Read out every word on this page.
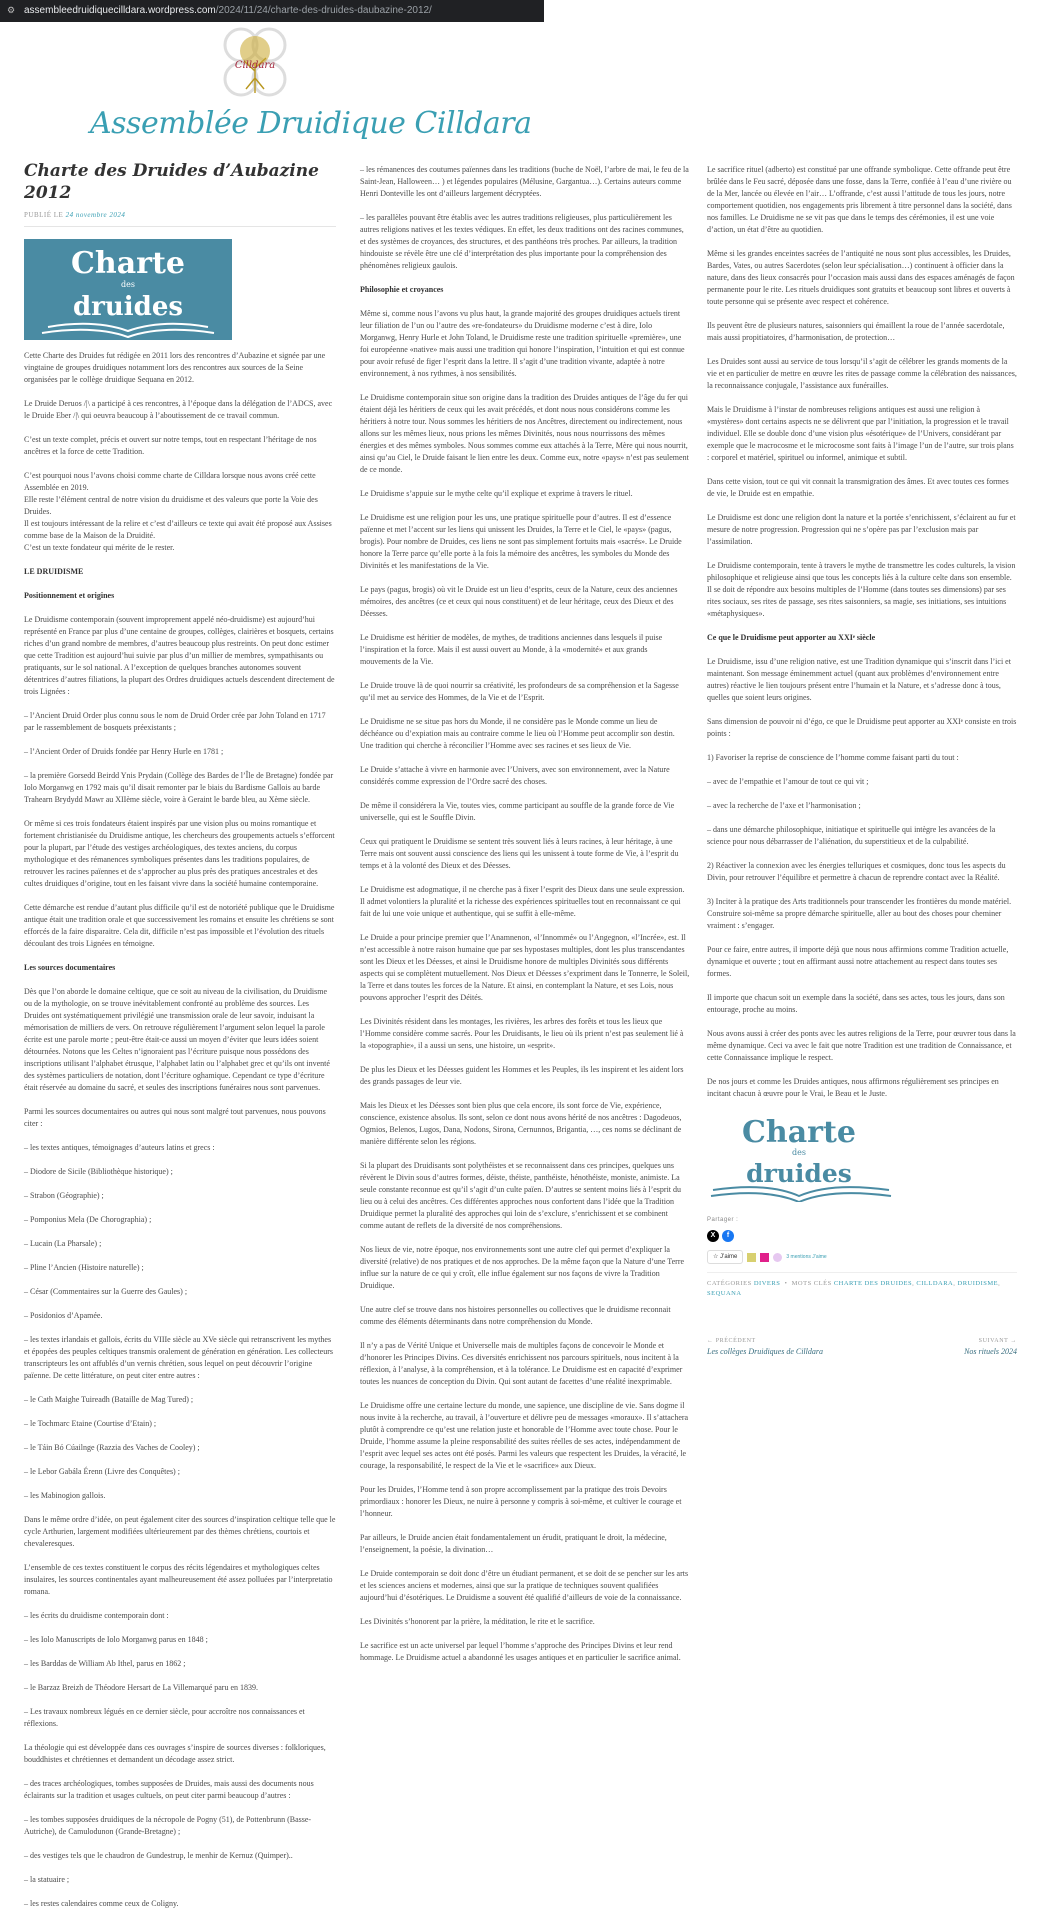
⚙ assembleedruidiquecilldara.wordpress.com/2024/11/24/charte-des-druides-daubazine-2012/
Cilldara
Assemblée Druidique Cilldara
Charte des Druides d’Aubazine 2012
PUBLIÉ LE 24 novembre 2024
Charte
des
druides

Cette Charte des Druides fut rédigée en 2011 lors des rencontres d’Aubazine et signée par une vingtaine de groupes druidiques notamment lors des rencontres aux sources de la Seine organisées par le collège druidique Sequana en 2012.

Le Druide Deruos /|\ a participé à ces rencontres, à l’époque dans la délégation de l’ADCS, avec le Druide Eber /|\ qui oeuvra beaucoup à l’aboutissement de ce travail commun.

C’est un texte complet, précis et ouvert sur notre temps, tout en respectant l’héritage de nos ancêtres et la force de cette Tradition.

C’est pourquoi nous l’avons choisi comme charte de Cilldara lorsque nous avons créé cette Assemblée en 2019.
Elle reste l’élément central de notre vision du druidisme et des valeurs que porte la Voie des Druides.
Il est toujours intéressant de la relire et c’est d’ailleurs ce texte qui avait été proposé aux Assises comme base de la Maison de la Druidité.
C’est un texte fondateur qui mérite de le rester.

LE DRUIDISME

Positionnement et origines

Le Druidisme contemporain (souvent improprement appelé néo-druidisme) est aujourd’hui représenté en France par plus d’une centaine de groupes, collèges, clairières et bosquets, certains riches d’un grand nombre de membres, d’autres beaucoup plus restreints. On peut donc estimer que cette Tradition est aujourd’hui suivie par plus d’un millier de membres, sympathisants ou pratiquants, sur le sol national. A l’exception de quelques branches autonomes souvent détentrices d’autres filiations, la plupart des Ordres druidiques actuels descendent directement de trois Lignées :

– l’Ancient Druid Order plus connu sous le nom de Druid Order crée par John Toland en 1717 par le rassemblement de bosquets préexistants ;

– l’Ancient Order of Druids fondée par Henry Hurle en 1781 ;

– la première Gorsedd Beirdd Ynis Prydain (Collège des Bardes de l’Île de Bretagne) fondée par Iolo Morganwg en 1792 mais qu’il disait remonter par le biais du Bardisme Gallois au barde Trahearn Brydydd Mawr au XIIème siècle, voire à Geraint le barde bleu, au Xème siècle.

Or même si ces trois fondateurs étaient inspirés par une vision plus ou moins romantique et fortement christianisée du Druidisme antique, les chercheurs des groupements actuels s’efforcent pour la plupart, par l’étude des vestiges archéologiques, des textes anciens, du corpus mythologique et des rémanences symboliques présentes dans les traditions populaires, de retrouver les racines païennes et de s’approcher au plus près des pratiques ancestrales et des cultes druidiques d’origine, tout en les faisant vivre dans la société humaine contemporaine.

Cette démarche est rendue d’autant plus difficile qu’il est de notoriété publique que le Druidisme antique était une tradition orale et que successivement les romains et ensuite les chrétiens se sont efforcés de la faire disparaitre. Cela dit, difficile n’est pas impossible et l’évolution des rituels découlant des trois Lignées en témoigne.

Les sources documentaires

Dès que l’on aborde le domaine celtique, que ce soit au niveau de la civilisation, du Druidisme ou de la mythologie, on se trouve inévitablement confronté au problème des sources. Les Druides ont systématiquement privilégié une transmission orale de leur savoir, induisant la mémorisation de milliers de vers. On retrouve régulièrement l’argument selon lequel la parole écrite est une parole morte ; peut-être était-ce aussi un moyen d’éviter que leurs idées soient détournées. Notons que les Celtes n’ignoraient pas l’écriture puisque nous possédons des inscriptions utilisant l’alphabet étrusque, l’alphabet latin ou l’alphabet grec et qu’ils ont inventé des systèmes particuliers de notation, dont l’écriture oghamique. Cependant ce type d’écriture était réservée au domaine du sacré, et seules des inscriptions funéraires nous sont parvenues.

Parmi les sources documentaires ou autres qui nous sont malgré tout parvenues, nous pouvons citer :

– les textes antiques, témoignages d’auteurs latins et grecs :

– Diodore de Sicile (Bibliothèque historique) ;

– Strabon (Géographie) ;

– Pomponius Mela (De Chorographia) ;

– Lucain (La Pharsale) ;

– Pline l’Ancien (Histoire naturelle) ;

– César (Commentaires sur la Guerre des Gaules) ;

– Posidonios d’Apamée.

– les textes irlandais et gallois, écrits du VIIIe siècle au XVe siècle qui retranscrivent les mythes et épopées des peuples celtiques transmis oralement de génération en génération. Les collecteurs transcripteurs les ont affublés d’un vernis chrétien, sous lequel on peut découvrir l’origine païenne. De cette littérature, on peut citer entre autres :

– le Cath Maighe Tuireadh (Bataille de Mag Tured) ;

– le Tochmarc Etaine (Courtise d’Etain) ;

– le Táin Bó Cúailnge (Razzia des Vaches de Cooley) ;

– le Lebor Gabála Érenn (Livre des Conquêtes) ;

– les Mabinogion gallois.

Dans le même ordre d’idée, on peut également citer des sources d’inspiration celtique telle que le cycle Arthurien, largement modifiées ultérieurement par des thèmes chrétiens, courtois et chevaleresques.

L’ensemble de ces textes constituent le corpus des récits légendaires et mythologiques celtes insulaires, les sources continentales ayant malheureusement été assez polluées par l’interpretatio romana.

– les écrits du druidisme contemporain dont :

– les Iolo Manuscripts de Iolo Morganwg parus en 1848 ;

– les Barddas de William Ab Ithel, parus en 1862 ;

– le Barzaz Breizh de Théodore Hersart de La Villemarqué paru en 1839.

– Les travaux nombreux légués en ce dernier siècle, pour accroître nos connaissances et réflexions.

La théologie qui est développée dans ces ouvrages s’inspire de sources diverses : folkloriques, bouddhistes et chrétiennes et demandent un décodage assez strict.

– des traces archéologiques, tombes supposées de Druides, mais aussi des documents nous éclairants sur la tradition et usages cultuels, on peut citer parmi beaucoup d’autres :

– les tombes supposées druidiques de la nécropole de Pogny (51), de Pottenbrunn (Basse-Autriche), de Camulodunon (Grande-Bretagne) ;

– des vestiges tels que le chaudron de Gundestrup, le menhir de Kernuz (Quimper)..

– la statuaire ;

– les restes calendaires comme ceux de Coligny.

– les rémanences des coutumes païennes dans les traditions (buche de Noël, l’arbre de mai, le feu de la Saint-Jean, Halloween… ) et légendes populaires (Mélusine, Gargantua…). Certains auteurs comme Henri Donteville les ont d’ailleurs largement décryptées.

– les parallèles pouvant être établis avec les autres traditions religieuses, plus particulièrement les autres religions natives et les textes védiques. En effet, les deux traditions ont des racines communes, et des systèmes de croyances, des structures, et des panthéons très proches. Par ailleurs, la tradition hindouiste se révèle être une clé d’interprétation des plus importante pour la compréhension des phénomènes religieux gaulois.

Philosophie et croyances

Même si, comme nous l’avons vu plus haut, la grande majorité des groupes druidiques actuels tirent leur filiation de l’un ou l’autre des «re-fondateurs» du Druidisme moderne c’est à dire, Iolo Morganwg, Henry Hurle et John Toland, le Druidisme reste une tradition spirituelle «première», une foi européenne «native» mais aussi une tradition qui honore l’inspiration, l’intuition et qui est connue pour avoir refusé de figer l’esprit dans la lettre. Il s’agit d’une tradition vivante, adaptée à notre environnement, à nos rythmes, à nos sensibilités.

Le Druidisme contemporain situe son origine dans la tradition des Druides antiques de l’âge du fer qui étaient déjà les héritiers de ceux qui les avait précédés, et dont nous nous considérons comme les héritiers à notre tour. Nous sommes les héritiers de nos Ancêtres, directement ou indirectement, nous allons sur les mêmes lieux, nous prions les mêmes Divinités, nous nous nourrissons des mêmes énergies et des mêmes symboles. Nous sommes comme eux attachés à la Terre, Mère qui nous nourrit, ainsi qu’au Ciel, le Druide faisant le lien entre les deux. Comme eux, notre «pays» n’est pas seulement de ce monde.

Le Druidisme s’appuie sur le mythe celte qu’il explique et exprime à travers le rituel.

Le Druidisme est une religion pour les uns, une pratique spirituelle pour d’autres. Il est d’essence païenne et met l’accent sur les liens qui unissent les Druides, la Terre et le Ciel, le «pays» (pagus, brogis). Pour nombre de Druides, ces liens ne sont pas simplement fortuits mais «sacrés». Le Druide honore la Terre parce qu’elle porte à la fois la mémoire des ancêtres, les symboles du Monde des Divinités et les manifestations de la Vie.

Le pays (pagus, brogis) où vit le Druide est un lieu d’esprits, ceux de la Nature, ceux des anciennes mémoires, des ancêtres (ce et ceux qui nous constituent) et de leur héritage, ceux des Dieux et des Déesses.

Le Druidisme est héritier de modèles, de mythes, de traditions anciennes dans lesquels il puise l’inspiration et la force. Mais il est aussi ouvert au Monde, à la «modernité» et aux grands mouvements de la Vie.

Le Druide trouve là de quoi nourrir sa créativité, les profondeurs de sa compréhension et la Sagesse qu’il met au service des Hommes, de la Vie et de l’Esprit.

Le Druidisme ne se situe pas hors du Monde, il ne considère pas le Monde comme un lieu de déchéance ou d’expiation mais au contraire comme le lieu où l’Homme peut accomplir son destin. Une tradition qui cherche à réconcilier l’Homme avec ses racines et ses lieux de Vie.

Le Druide s’attache à vivre en harmonie avec l’Univers, avec son environnement, avec la Nature considérés comme expression de l’Ordre sacré des choses.

De même il considérera la Vie, toutes vies, comme participant au souffle de la grande force de Vie universelle, qui est le Souffle Divin.

Ceux qui pratiquent le Druidisme se sentent très souvent liés à leurs racines, à leur héritage, à une Terre mais ont souvent aussi conscience des liens qui les unissent à toute forme de Vie, à l’esprit du temps et à la volonté des Dieux et des Déesses.

Le Druidisme est adogmatique, il ne cherche pas à fixer l’esprit des Dieux dans une seule expression. Il admet volontiers la pluralité et la richesse des expériences spirituelles tout en reconnaissant ce qui fait de lui une voie unique et authentique, qui se suffit à elle-même.

Le Druide a pour principe premier que l’Anamnenon, «l’Innommé» ou l’Angegnon, «l’Incrée», est. Il n’est accessible à notre raison humaine que par ses hypostases multiples, dont les plus transcendantes sont les Dieux et les Déesses, et ainsi le Druidisme honore de multiples Divinités sous différents aspects qui se complètent mutuellement. Nos Dieux et Déesses s’expriment dans le Tonnerre, le Soleil, la Terre et dans toutes les forces de la Nature. Et ainsi, en contemplant la Nature, et ses Lois, nous pouvons approcher l’esprit des Déités.

Les Divinités résident dans les montages, les rivières, les arbres des forêts et tous les lieux que l’Homme considère comme sacrés. Pour les Druidisants, le lieu où ils prient n’est pas seulement lié à la «topographie», il a aussi un sens, une histoire, un «esprit».

De plus les Dieux et les Déesses guident les Hommes et les Peuples, ils les inspirent et les aident lors des grands passages de leur vie.

Mais les Dieux et les Déesses sont bien plus que cela encore, ils sont force de Vie, expérience, conscience, existence absolus. Ils sont, selon ce dont nous avons hérité de nos ancêtres : Dagodeuos, Ogmios, Belenos, Lugos, Dana, Nodons, Sirona, Cernunnos, Brigantia, …, ces noms se déclinant de manière différente selon les régions.

Si la plupart des Druidisants sont polythéistes et se reconnaissent dans ces principes, quelques uns révèrent le Divin sous d’autres formes, déiste, théiste, panthéiste, hénothéiste, moniste, animiste. La seule constante reconnue est qu’il s’agit d’un culte païen. D’autres se sentent moins liés à l’esprit du lieu ou à celui des ancêtres. Ces différentes approches nous confortent dans l’idée que la Tradition Druidique permet la pluralité des approches qui loin de s’exclure, s’enrichissent et se combinent comme autant de reflets de la diversité de nos compréhensions.

Nos lieux de vie, notre époque, nos environnements sont une autre clef qui permet d’expliquer la diversité (relative) de nos pratiques et de nos approches. De la même façon que la Nature d’une Terre influe sur la nature de ce qui y croît, elle influe également sur nos façons de vivre la Tradition Druidique.

Une autre clef se trouve dans nos histoires personnelles ou collectives que le druidisme reconnait comme des éléments déterminants dans notre compréhension du Monde.

Il n’y a pas de Vérité Unique et Universelle mais de multiples façons de concevoir le Monde et d’honorer les Principes Divins. Ces diversités enrichissent nos parcours spirituels, nous incitent à la réflexion, à l’analyse, à la compréhension, et à la tolérance. Le Druidisme est en capacité d’exprimer toutes les nuances de conception du Divin. Qui sont autant de facettes d’une réalité inexprimable.

Le Druidisme offre une certaine lecture du monde, une sapience, une discipline de vie. Sans dogme il nous invite à la recherche, au travail, à l’ouverture et délivre peu de messages «moraux». Il s’attachera plutôt à comprendre ce qu’est une relation juste et honorable de l’Homme avec toute chose. Pour le Druide, l’homme assume la pleine responsabilité des suites réelles de ses actes, indépendamment de l’esprit avec lequel ses actes ont été posés. Parmi les valeurs que respectent les Druides, la véracité, le courage, la responsabilité, le respect de la Vie et le «sacrifice» aux Dieux.

Pour les Druides, l’Homme tend à son propre accomplissement par la pratique des trois Devoirs primordiaux : honorer les Dieux, ne nuire à personne y compris à soi-même, et cultiver le courage et l’honneur.

Par ailleurs, le Druide ancien était fondamentalement un érudit, pratiquant le droit, la médecine, l’enseignement, la poésie, la divination…

Le Druide contemporain se doit donc d’être un étudiant permanent, et se doit de se pencher sur les arts et les sciences anciens et modernes, ainsi que sur la pratique de techniques souvent qualifiées aujourd’hui d’ésotériques. Le Druidisme a souvent été qualifié d’ailleurs de voie de la connaissance.

Les Divinités s’honorent par la prière, la méditation, le rite et le sacrifice.

Le sacrifice est un acte universel par lequel l’homme s’approche des Principes Divins et leur rend hommage. Le Druidisme actuel a abandonné les usages antiques et en particulier le sacrifice animal.

Le sacrifice rituel (adberto) est constitué par une offrande symbolique. Cette offrande peut être brûlée dans le Feu sacré, déposée dans une fosse, dans la Terre, confiée à l’eau d’une rivière ou de la Mer, lancée ou élevée en l’air… L’offrande, c’est aussi l’attitude de tous les jours, notre comportement quotidien, nos engagements pris librement à titre personnel dans la société, dans nos familles. Le Druidisme ne se vit pas que dans le temps des cérémonies, il est une voie d’action, un état d’être au quotidien.

Même si les grandes enceintes sacrées de l’antiquité ne nous sont plus accessibles, les Druides, Bardes, Vates, ou autres Sacerdotes (selon leur spécialisation…) continuent à officier dans la nature, dans des lieux consacrés pour l’occasion mais aussi dans des espaces aménagés de façon permanente pour le rite. Les rituels druidiques sont gratuits et beaucoup sont libres et ouverts à toute personne qui se présente avec respect et cohérence.

Ils peuvent être de plusieurs natures, saisonniers qui émaillent la roue de l’année sacerdotale, mais aussi propitiatoires, d’harmonisation, de protection…

Les Druides sont aussi au service de tous lorsqu’il s’agit de célébrer les grands moments de la vie et en particulier de mettre en œuvre les rites de passage comme la célébration des naissances, la reconnaissance conjugale, l’assistance aux funérailles.

Mais le Druidisme à l’instar de nombreuses religions antiques est aussi une religion à «mystères» dont certains aspects ne se délivrent que par l’initiation, la progression et le travail individuel. Elle se double donc d’une vision plus «ésotérique» de l’Univers, considérant par exemple que le macrocosme et le microcosme sont faits à l’image l’un de l’autre, sur trois plans : corporel et matériel, spirituel ou informel, animique et subtil.

Dans cette vision, tout ce qui vit connait la transmigration des âmes. Et avec toutes ces formes de vie, le Druide est en empathie.

Le Druidisme est donc une religion dont la nature et la portée s’enrichissent, s’éclairent au fur et mesure de notre progression. Progression qui ne s’opère pas par l’exclusion mais par l’assimilation.

Le Druidisme contemporain, tente à travers le mythe de transmettre les codes culturels, la vision philosophique et religieuse ainsi que tous les concepts liés à la culture celte dans son ensemble. Il se doit de répondre aux besoins multiples de l’Homme (dans toutes ses dimensions) par ses rites sociaux, ses rites de passage, ses rites saisonniers, sa magie, ses initiations, ses intuitions «métaphysiques».

Ce que le Druidisme peut apporter au XXIᵉ siècle

Le Druidisme, issu d’une religion native, est une Tradition dynamique qui s’inscrit dans l’ici et maintenant. Son message éminemment actuel (quant aux problèmes d’environnement entre autres) réactive le lien toujours présent entre l’humain et la Nature, et s’adresse donc à tous, quelles que soient leurs origines.

Sans dimension de pouvoir ni d’égo, ce que le Druidisme peut apporter au XXIᵉ consiste en trois points :

1) Favoriser la reprise de conscience de l’homme comme faisant parti du tout :

– avec de l’empathie et l’amour de tout ce qui vit ;

– avec la recherche de l’axe et l’harmonisation ;

– dans une démarche philosophique, initiatique et spirituelle qui intègre les avancées de la science pour nous débarrasser de l’aliénation, du superstitieux et de la culpabilité.

2) Réactiver la connexion avec les énergies telluriques et cosmiques, donc tous les aspects du Divin, pour retrouver l’équilibre et permettre à chacun de reprendre contact avec la Réalité.

3) Inciter à la pratique des Arts traditionnels pour transcender les frontières du monde matériel. Construire soi-même sa propre démarche spirituelle, aller au bout des choses pour cheminer vraiment : s’engager.

Pour ce faire, entre autres, il importe déjà que nous nous affirmions comme Tradition actuelle, dynamique et ouverte ; tout en affirmant aussi notre attachement au respect dans toutes ses formes.

Il importe que chacun soit un exemple dans la société, dans ses actes, tous les jours, dans son entourage, proche au moins.

Nous avons aussi à créer des ponts avec les autres religions de la Terre, pour œuvrer tous dans la même dynamique. Ceci va avec le fait que notre Tradition est une tradition de Connaissance, et cette Connaissance implique le respect.

De nos jours et comme les Druides antiques, nous affirmons régulièrement ses principes en incitant chacun à œuvre pour le Vrai, le Beau et le Juste.

Charte
des
druides
Partager :
X	f
☆ J’aime	3 mentions J’aime
CATÉGORIES DIVERS  •  MOTS CLÉS CHARTE DES DRUIDES, CILLDARA, DRUIDISME, SEQUANA
← PRÉCÉDENT
Les collèges Druidiques de Cilldara
SUIVANT →
Nos rituels 2024
